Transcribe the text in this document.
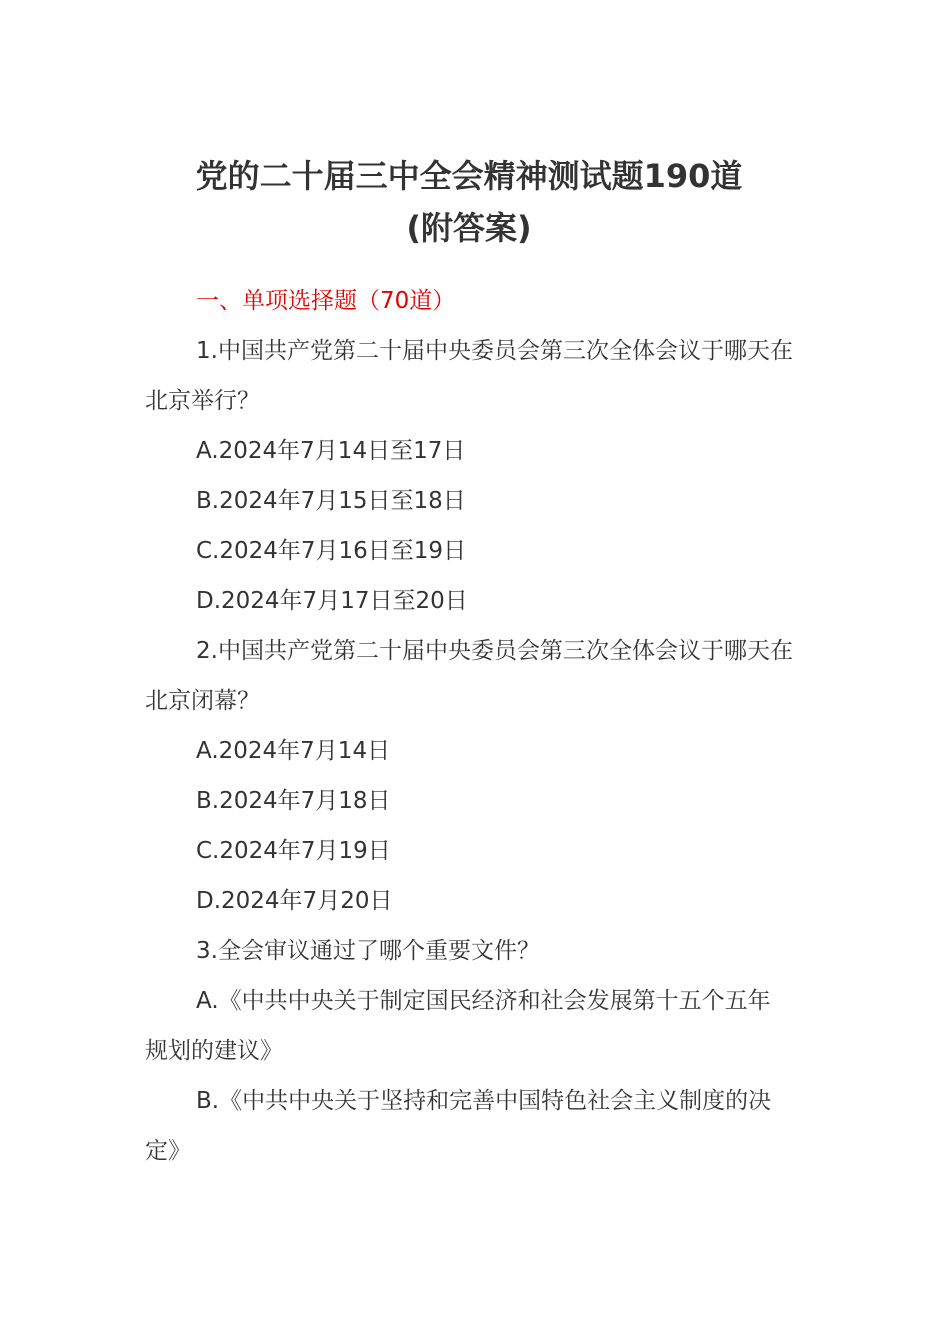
党的二十届三中全会精神测试题190道
(附答案)
一、单项选择题（70道）

1.中国共产党第二十届中央委员会第三次全体会议于哪天在北京举行？

A.2024年7月14日至17日

B.2024年7月15日至18日

C.2024年7月16日至19日

D.2024年7月17日至20日

2.中国共产党第二十届中央委员会第三次全体会议于哪天在北京闭幕？

A.2024年7月14日

B.2024年7月18日

C.2024年7月19日

D.2024年7月20日

3.全会审议通过了哪个重要文件？

A.《中共中央关于制定国民经济和社会发展第十五个五年规划的建议》

B.《中共中央关于坚持和完善中国特色社会主义制度的决定》
